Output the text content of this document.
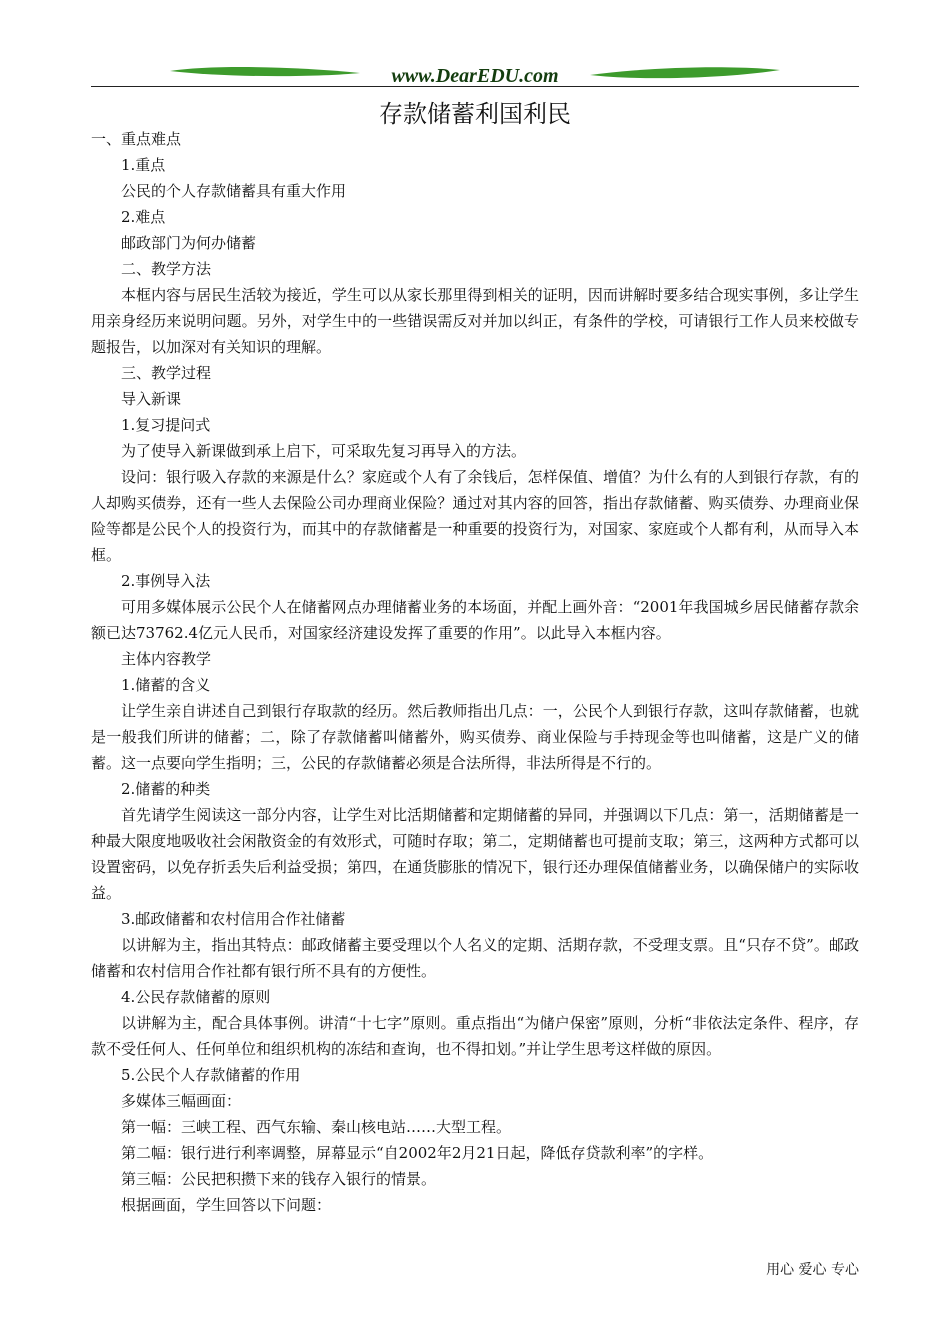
www.DearEDU.com
存款储蓄利国利民
一、重点难点
1.重点
公民的个人存款储蓄具有重大作用
2.难点
邮政部门为何办储蓄
二、教学方法

本框内容与居民生活较为接近，学生可以从家长那里得到相关的证明，因而讲解时要多结合现实事例，多让学生用亲身经历来说明问题。另外，对学生中的一些错误需反对并加以纠正，有条件的学校，可请银行工作人员来校做专题报告，以加深对有关知识的理解。

三、教学过程
导入新课
1.复习提问式

为了使导入新课做到承上启下，可采取先复习再导入的方法。

设问：银行吸入存款的来源是什么？家庭或个人有了余钱后，怎样保值、增值？为什么有的人到银行存款，有的人却购买债券，还有一些人去保险公司办理商业保险？通过对其内容的回答，指出存款储蓄、购买债券、办理商业保险等都是公民个人的投资行为，而其中的存款储蓄是一种重要的投资行为，对国家、家庭或个人都有利，从而导入本框。

2.事例导入法

可用多媒体展示公民个人在储蓄网点办理储蓄业务的本场面，并配上画外音：“2001年我国城乡居民储蓄存款余额已达73762.4亿元人民币，对国家经济建设发挥了重要的作用”。以此导入本框内容。

主体内容教学
1.储蓄的含义

让学生亲自讲述自己到银行存取款的经历。然后教师指出几点：一，公民个人到银行存款，这叫存款储蓄，也就是一般我们所讲的储蓄；二，除了存款储蓄叫储蓄外，购买债券、商业保险与手持现金等也叫储蓄，这是广义的储蓄。这一点要向学生指明；三，公民的存款储蓄必须是合法所得，非法所得是不行的。

2.储蓄的种类

首先请学生阅读这一部分内容，让学生对比活期储蓄和定期储蓄的异同，并强调以下几点：第一，活期储蓄是一种最大限度地吸收社会闲散资金的有效形式，可随时存取；第二，定期储蓄也可提前支取；第三，这两种方式都可以设置密码，以免存折丢失后利益受损；第四，在通货膨胀的情况下，银行还办理保值储蓄业务，以确保储户的实际收益。

3.邮政储蓄和农村信用合作社储蓄

以讲解为主，指出其特点：邮政储蓄主要受理以个人名义的定期、活期存款，不受理支票。且“只存不贷”。邮政储蓄和农村信用合作社都有银行所不具有的方便性。

4.公民存款储蓄的原则

以讲解为主，配合具体事例。讲清“十七字”原则。重点指出“为储户保密”原则，分析“非依法定条件、程序，存款不受任何人、任何单位和组织机构的冻结和查询，也不得扣划。”并让学生思考这样做的原因。

5.公民个人存款储蓄的作用
多媒体三幅画面：
第一幅：三峡工程、西气东输、秦山核电站……大型工程。
第二幅：银行进行利率调整，屏幕显示“自2002年2月21日起，降低存贷款利率”的字样。
第三幅：公民把积攒下来的钱存入银行的情景。
根据画面，学生回答以下问题：
用心 爱心 专心
